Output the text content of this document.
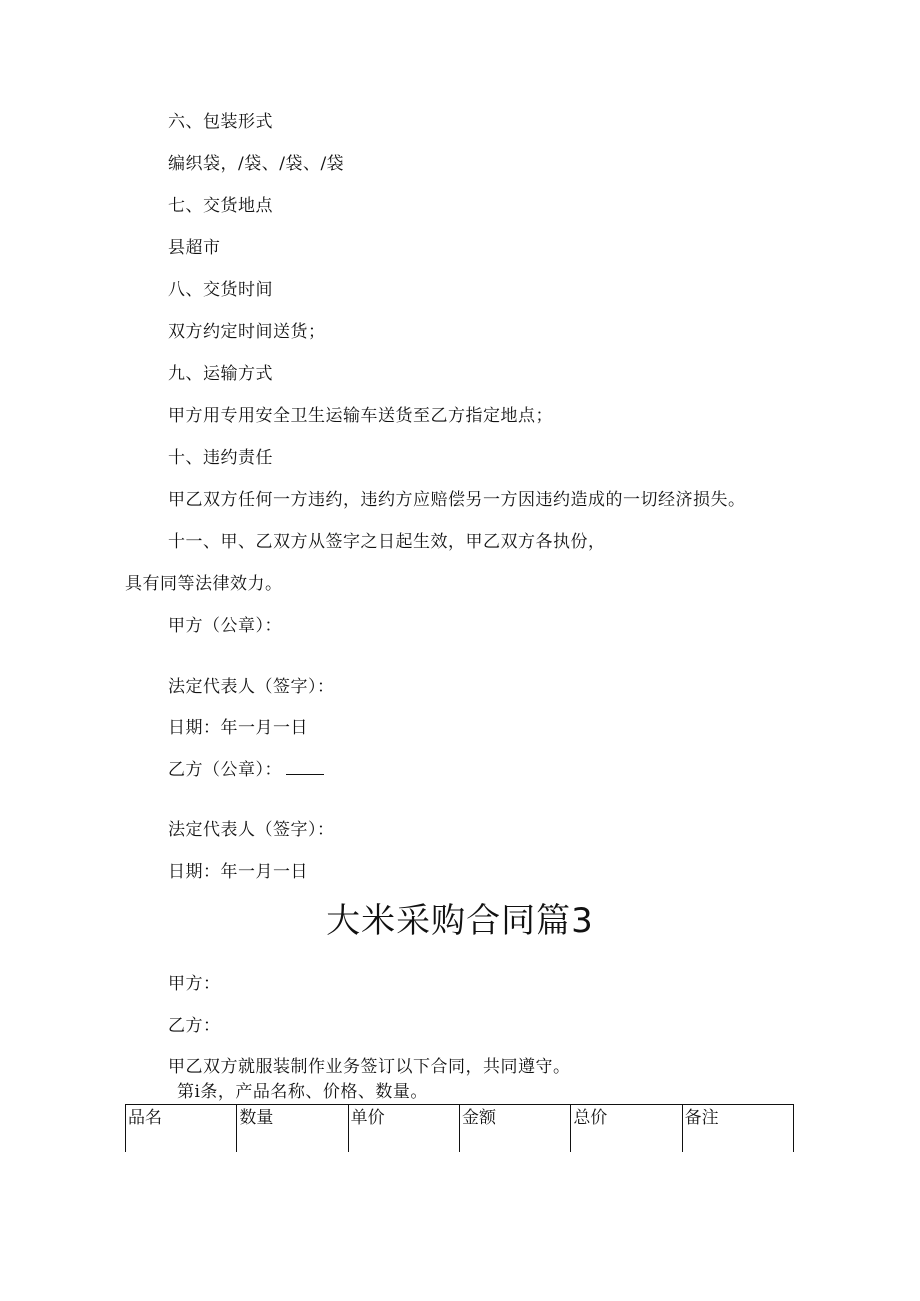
六、包装形式
编织袋，/袋、/袋、/袋
七、交货地点
县超市
八、交货时间
双方约定时间送货；
九、运输方式
甲方用专用安全卫生运输车送货至乙方指定地点；
十、违约责任
甲乙双方任何一方违约，违约方应赔偿另一方因违约造成的一切经济损失。
十一、甲、乙双方从签字之日起生效，甲乙双方各执份，
具有同等法律效力。
甲方（公章）：
法定代表人（签字）：
日期：年一月一日
乙方（公章）：
法定代表人（签字）：
日期：年一月一日
大米采购合同篇3
甲方：
乙方：
甲乙双方就服装制作业务签订以下合同，共同遵守。
第i条，产品名称、价格、数量。
品名	数量	单价	金额	总价	备注
